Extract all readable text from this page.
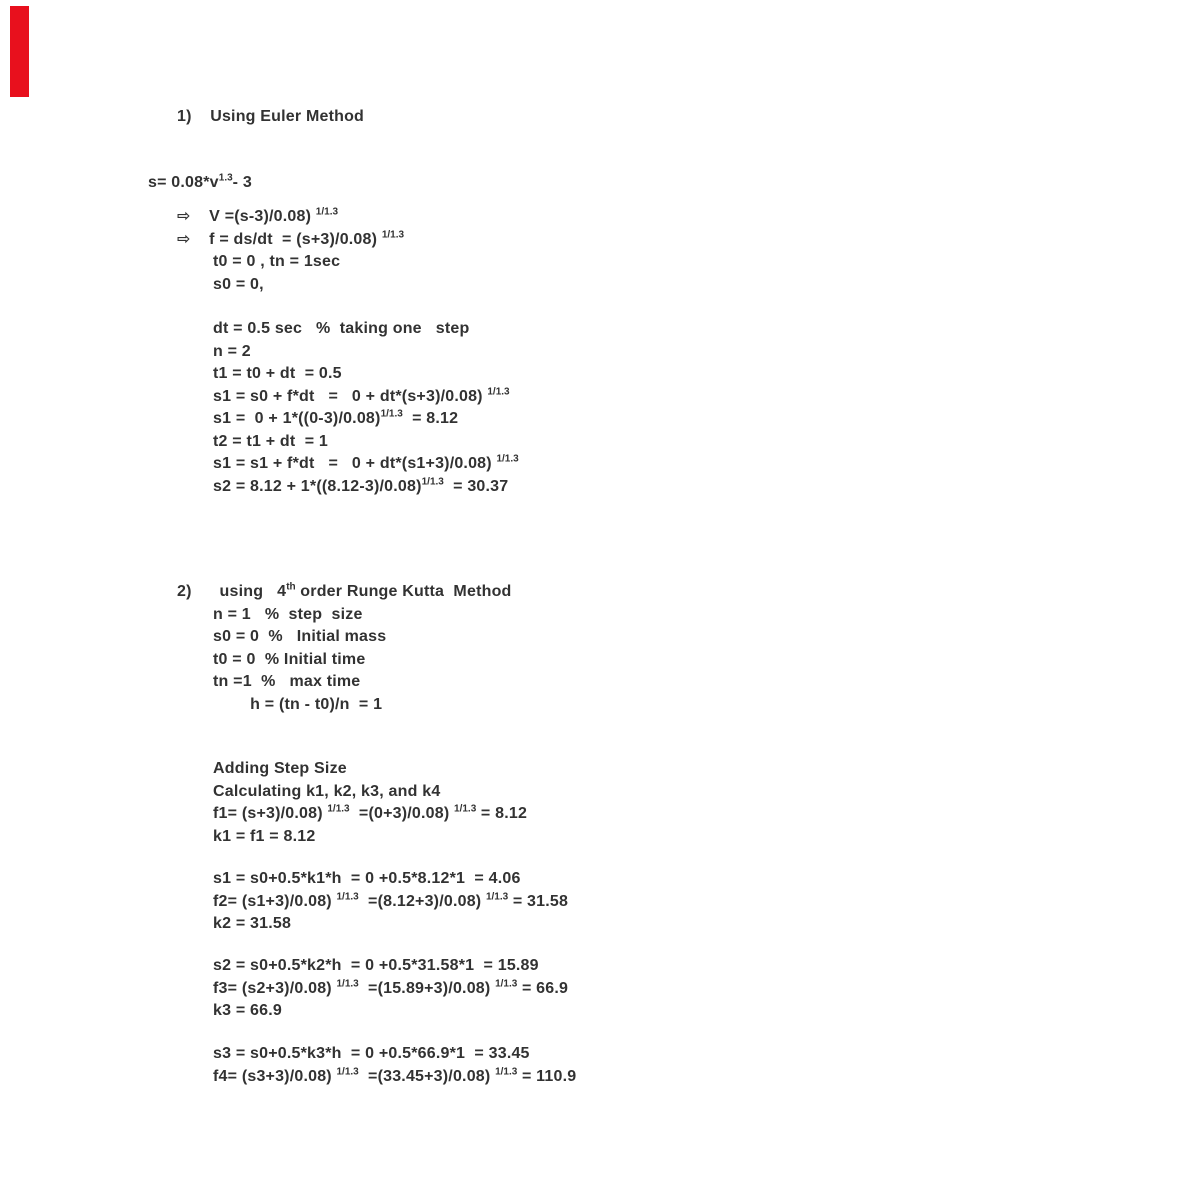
1)    Using Euler Method
$s= 0.08*v^{1.3}-$ 3
⇨    V =(s-3)/0.08) $^{1/1.3}$
⇨    f = ds/dt  = (s+3)/0.08) $^{1/1.3}$
t0 = 0 , tn = 1sec
s0 = 0,
dt = 0.5 sec   %  taking one   step
n = 2
t1 = t0 + dt  = 0.5
s1 = s0 + f*dt   =   0 + dt*(s+3)/0.08) $^{1/1.3}$
$s1 = 0 + 1*((0-3)/0.08)^{1/1.3} = 8.12$
t2 = t1 + dt  = 1
s1 = s1 + f*dt   =   0 + dt*(s1+3)/0.08) $^{1/1.3}$
$s2 = 8.12 + 1*((8.12-3)/0.08)^{1/1.3} = 30.37$
2)      using   4th order Runge Kutta  Method
n = 1   %  step  size
s0 = 0  %   Initial mass
t0 = 0  % Initial time
tn =1  %   max time
h = (tn - t0)/n  = 1
Adding Step Size
Calculating k1, k2, k3, and k4
f1= (s+3)/0.08) $^{1/1.3}$  =(0+3)/0.08) $^{1/1.3}$ = 8.12
k1 = f1 = 8.12
s1 = s0+0.5*k1*h  = 0 +0.5*8.12*1  = 4.06
f2= (s1+3)/0.08) $^{1/1.3}$  =(8.12+3)/0.08) $^{1/1.3}$ = 31.58
k2 = 31.58
s2 = s0+0.5*k2*h  = 0 +0.5*31.58*1  = 15.89
f3= (s2+3)/0.08) $^{1/1.3}$  =(15.89+3)/0.08) $^{1/1.3}$ = 66.9
k3 = 66.9
s3 = s0+0.5*k3*h  = 0 +0.5*66.9*1  = 33.45
f4= (s3+3)/0.08) $^{1/1.3}$  =(33.45+3)/0.08) $^{1/1.3}$ = 110.9
